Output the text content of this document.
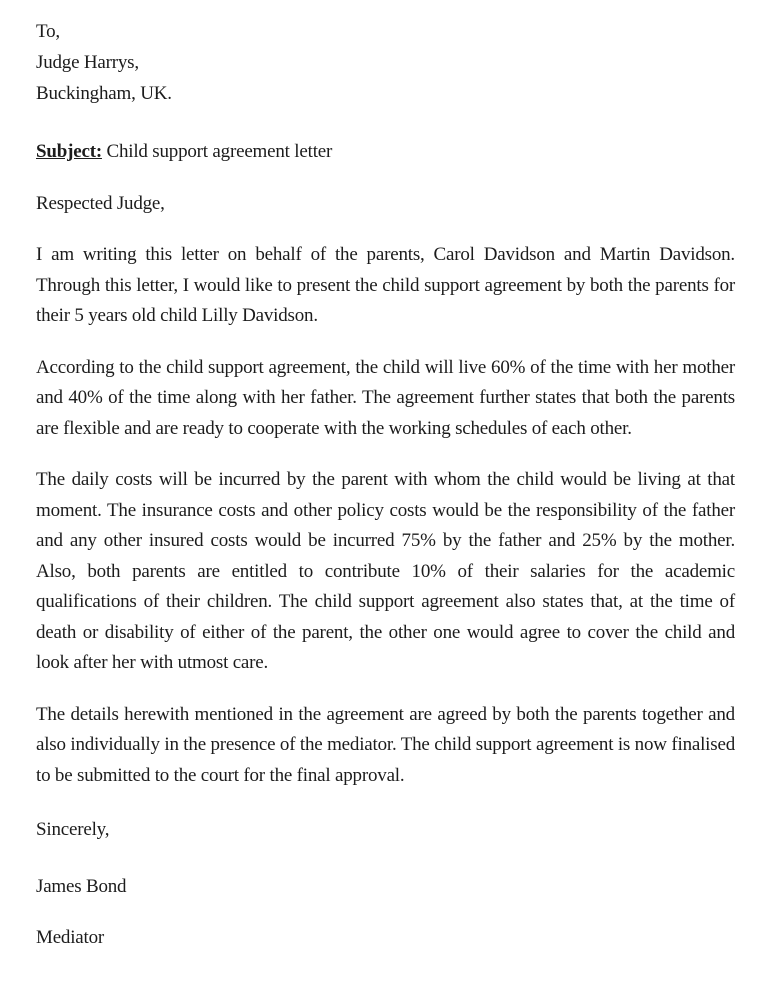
To,
Judge Harrys,
Buckingham, UK.
Subject: Child support agreement letter
Respected Judge,

I am writing this letter on behalf of the parents, Carol Davidson and Martin Davidson. Through this letter, I would like to present the child support agreement by both the parents for their 5 years old child Lilly Davidson.

According to the child support agreement, the child will live 60% of the time with her mother and 40% of the time along with her father. The agreement further states that both the parents are flexible and are ready to cooperate with the working schedules of each other.

The daily costs will be incurred by the parent with whom the child would be living at that moment. The insurance costs and other policy costs would be the responsibility of the father and any other insured costs would be incurred 75% by the father and 25% by the mother. Also, both parents are entitled to contribute 10% of their salaries for the academic qualifications of their children. The child support agreement also states that, at the time of death or disability of either of the parent, the other one would agree to cover the child and look after her with utmost care.

The details herewith mentioned in the agreement are agreed by both the parents together and also individually in the presence of the mediator. The child support agreement is now finalised to be submitted to the court for the final approval.

Sincerely,
James Bond
Mediator
